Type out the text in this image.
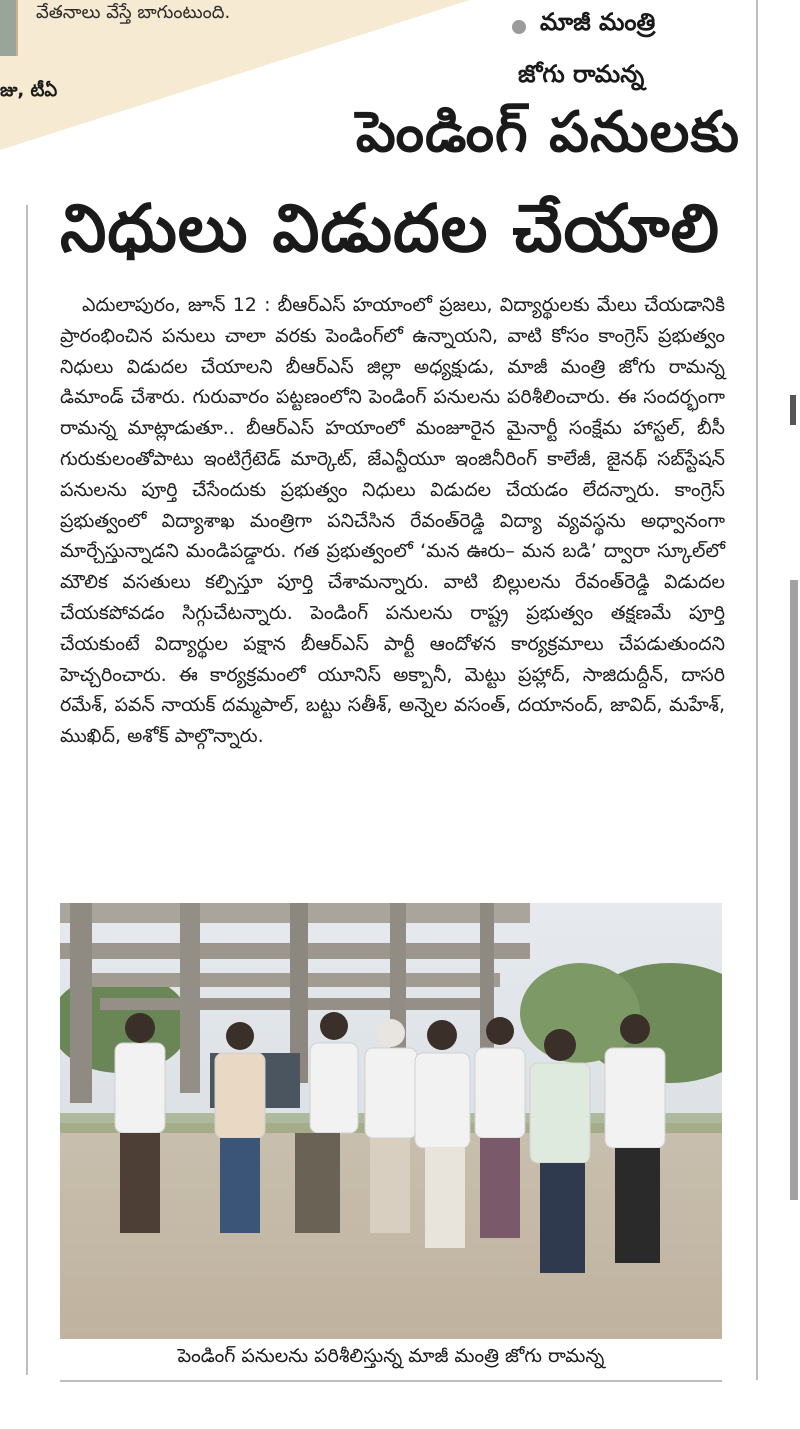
వేతనాలు వేస్తే బాగుంటుంది.
జు, టీఏ
మాజీ మంత్రి
జోగు రామన్న
పెండింగ్ పనులకు
నిధులు విడుదల చేయాలి
ఎదులాపురం, జూన్ 12 : బీఆర్ఎస్ హయాంలో ప్రజలు, విద్యార్థులకు మేలు చేయడానికి ప్రారంభించిన పనులు చాలా వరకు పెండింగ్‌లో ఉన్నాయని, వాటి కోసం కాంగ్రెస్ ప్రభుత్వం నిధులు విడుదల చేయాలని బీఆర్ఎస్ జిల్లా అధ్యక్షుడు, మాజీ మంత్రి జోగు రామన్న డిమాండ్ చేశారు. గురువారం పట్టణంలోని పెండింగ్ పనులను పరిశీలించారు. ఈ సందర్భంగా రామన్న మాట్లాడుతూ.. బీఆర్ఎస్ హయాంలో మంజూరైన మైనార్టీ సంక్షేమ హాస్టల్, బీసీ గురుకులంతోపాటు ఇంటిగ్రేటెడ్ మార్కెట్, జేఎన్టీయూ ఇంజినీరింగ్ కాలేజీ, జైనథ్ సబ్‌స్టేషన్ పనులను పూర్తి చేసేందుకు ప్రభుత్వం నిధులు విడుదల చేయడం లేదన్నారు. కాంగ్రెస్ ప్రభుత్వంలో విద్యాశాఖ మంత్రిగా పనిచేసిన రేవంత్‌రెడ్డి విద్యా వ్యవస్థను అధ్వానంగా మార్చేస్తున్నాడని మండిపడ్డారు. గత ప్రభుత్వంలో ‘మన ఊరు– మన బడి’ ద్వారా స్కూల్‌లో మౌలిక వసతులు కల్పిస్తూ పూర్తి చేశామన్నారు. వాటి బిల్లులను రేవంత్‌రెడ్డి విడుదల చేయకపోవడం సిగ్గుచేటన్నారు. పెండింగ్ పనులను రాష్ట్ర ప్రభుత్వం తక్షణమే పూర్తి చేయకుంటే విద్యార్థుల పక్షాన బీఆర్ఎస్ పార్టీ ఆందోళన కార్యక్రమాలు చేపడుతుందని హెచ్చరించారు. ఈ కార్యక్రమంలో యూనిస్ అక్బానీ, మెట్టు ప్రహ్లాద్, సాజిదుద్దీన్, దాసరి రమేశ్, పవన్ నాయక్ దమ్మపాల్, బట్టు సతీశ్, అన్నెల వసంత్, దయానంద్, జావిద్, మహేశ్, ముఖిద్, అశోక్ పాల్గొన్నారు.
పెండింగ్ పనులను పరిశీలిస్తున్న మాజీ మంత్రి జోగు రామన్న
